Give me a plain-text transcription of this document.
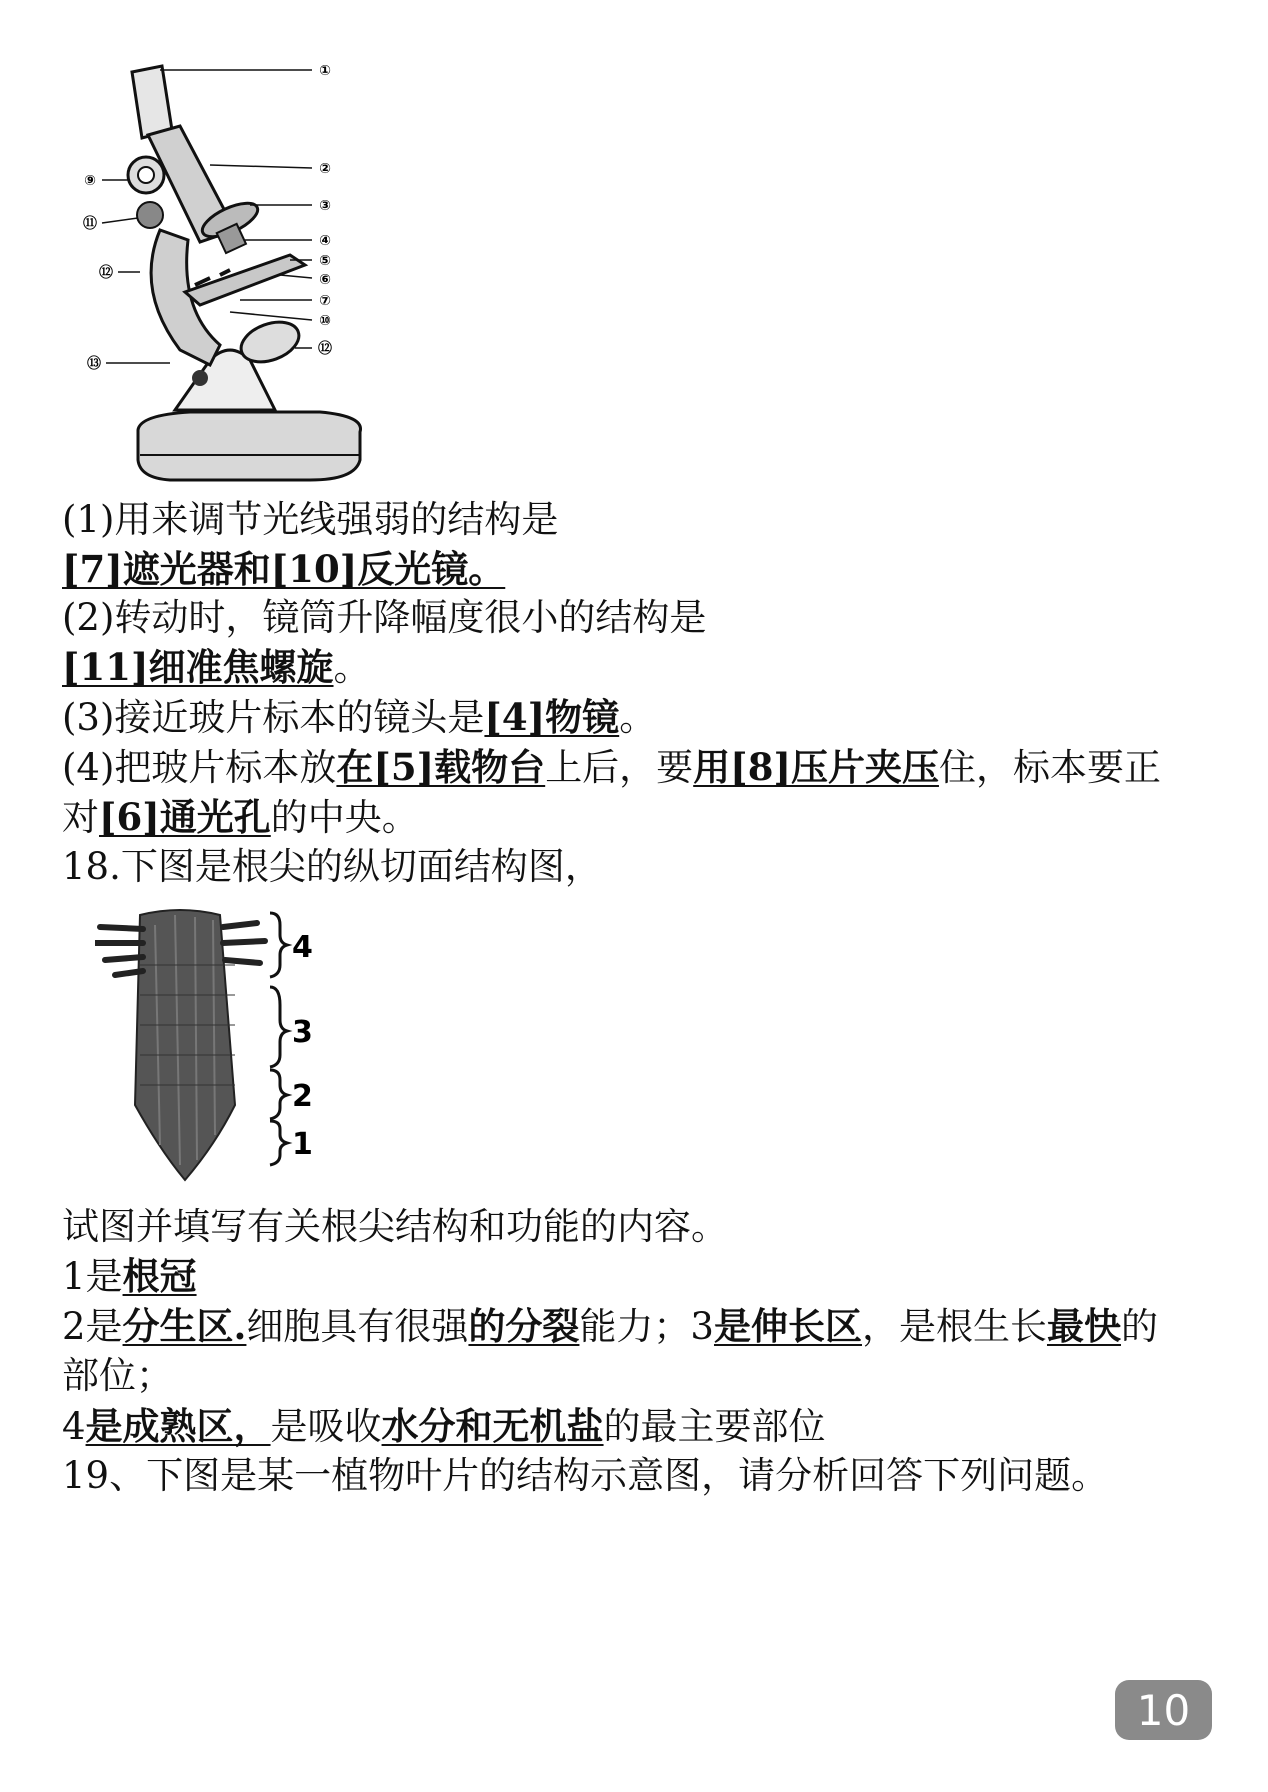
①
②
③
④
⑤
⑥
⑦
⑩
⑫
⑨
⑪
⑫
⑬
(1)用来调节光线强弱的结构是
[7]遮光器和[10]反光镜。
(2)转动时，镜筒升降幅度很小的结构是
[11]细准焦螺旋。
(3)接近玻片标本的镜头是[4]物镜。
(4)把玻片标本放在[5]载物台上后，要用[8]压片夹压住，标本要正
对[6]通光孔的中央。
18.下图是根尖的纵切面结构图，
4
3
2
1
试图并填写有关根尖结构和功能的内容。
1是根冠
2是分生区.细胞具有很强的分裂能力；3是伸长区，是根生长最快的
部位；
4是成熟区，是吸收水分和无机盐的最主要部位
19、下图是某一植物叶片的结构示意图，请分析回答下列问题。
10
